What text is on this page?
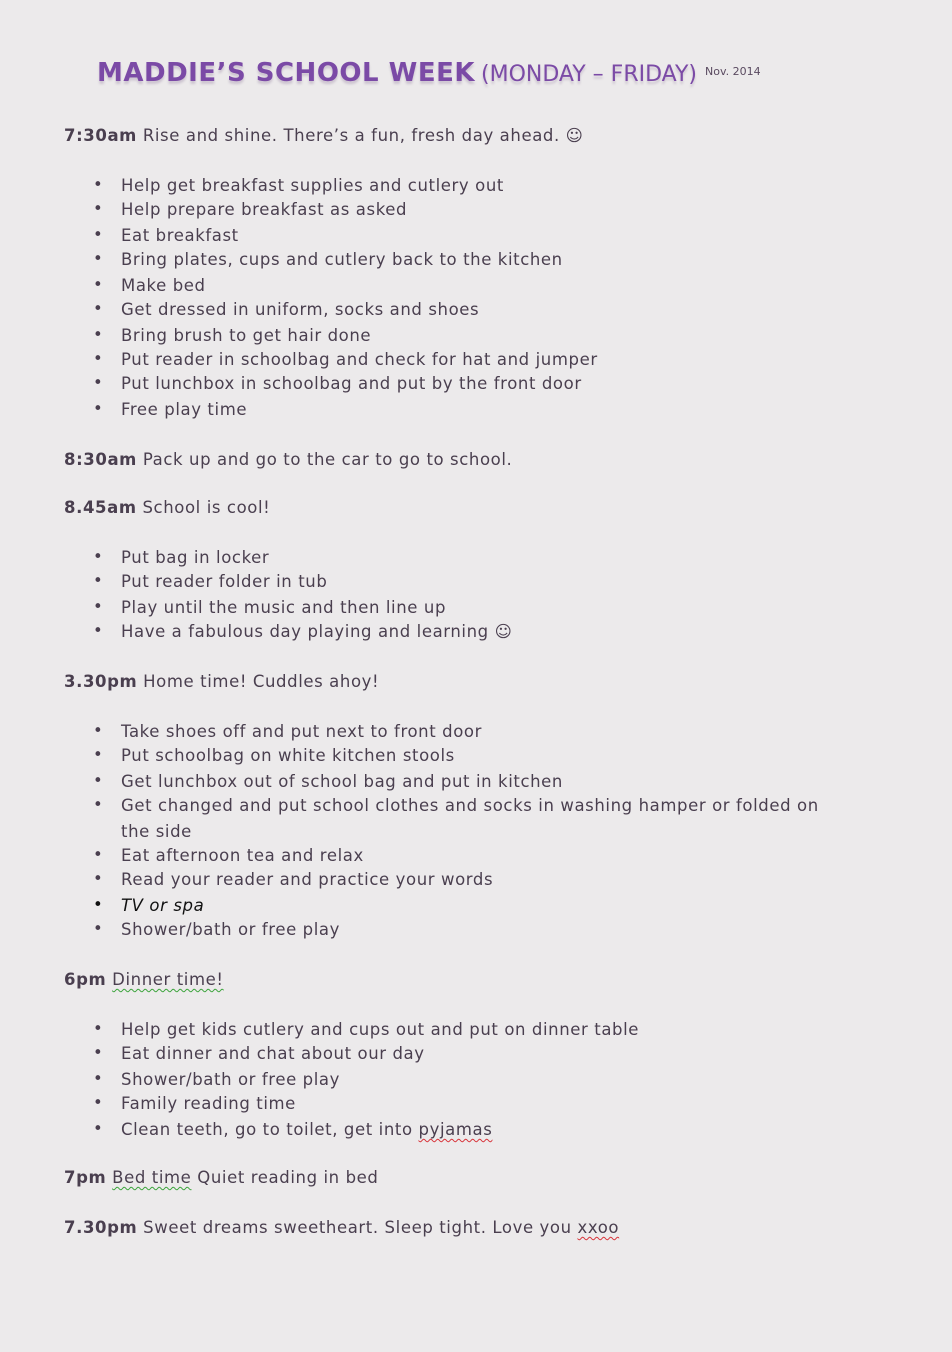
MADDIE’S SCHOOL WEEK (MONDAY – FRIDAY) $^{Nov. 2014}$
7:30am Rise and shine. There’s a fun, fresh day ahead. ☺
• Help get breakfast supplies and cutlery out
• Help prepare breakfast as asked
• Eat breakfast
• Bring plates, cups and cutlery back to the kitchen
• Make bed
• Get dressed in uniform, socks and shoes
• Bring brush to get hair done
• Put reader in schoolbag and check for hat and jumper
• Put lunchbox in schoolbag and put by the front door
• Free play time
8:30am Pack up and go to the car to go to school.
8.45am School is cool!
• Put bag in locker
• Put reader folder in tub
• Play until the music and then line up
• Have a fabulous day playing and learning ☺
3.30pm Home time! Cuddles ahoy!
• Take shoes off and put next to front door
• Put schoolbag on white kitchen stools
• Get lunchbox out of school bag and put in kitchen
• Get changed and put school clothes and socks in washing hamper or folded on
the side
• Eat afternoon tea and relax
• Read your reader and practice your words
• TV or spa
• Shower/bath or free play
6pm Dinner time!
• Help get kids cutlery and cups out and put on dinner table
• Eat dinner and chat about our day
• Shower/bath or free play
• Family reading time
• Clean teeth, go to toilet, get into pyjamas
7pm Bed time Quiet reading in bed
7.30pm Sweet dreams sweetheart. Sleep tight. Love you xxoo
